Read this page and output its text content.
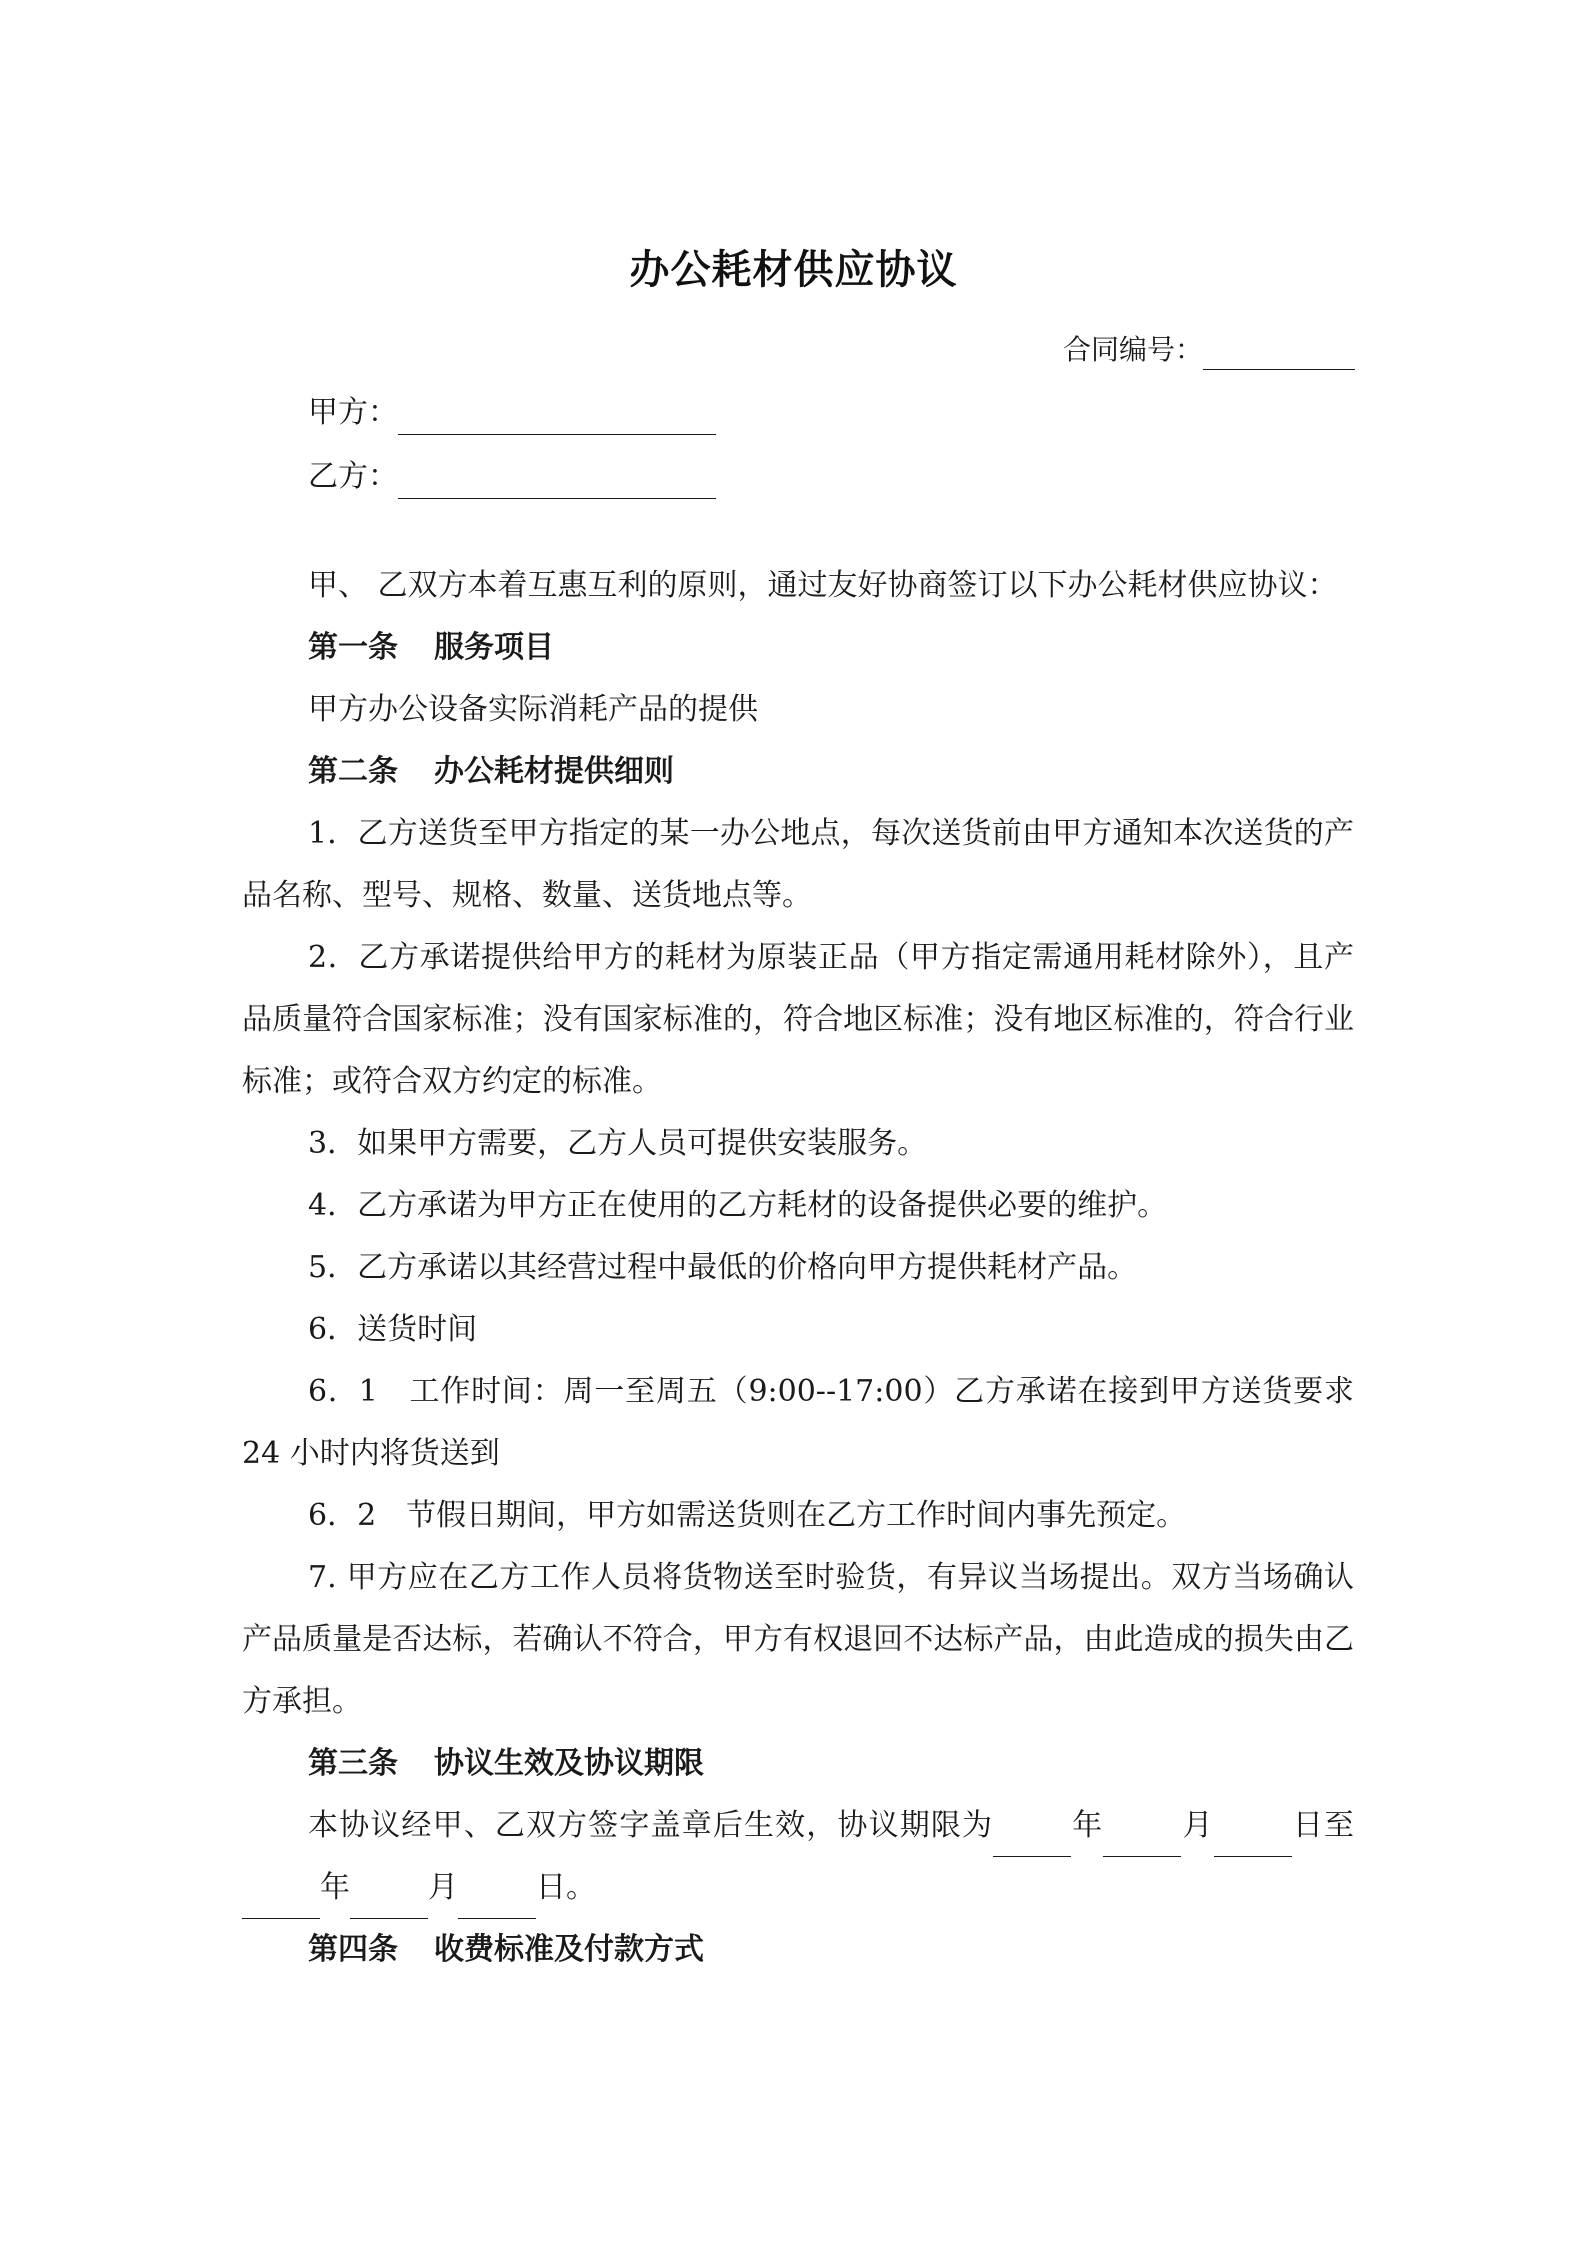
办公耗材供应协议
合同编号：
甲方：
乙方：

甲、 乙双方本着互惠互利的原则，通过友好协商签订以下办公耗材供应协议：

第一条 服务项目

甲方办公设备实际消耗产品的提供

第二条 办公耗材提供细则

1．乙方送货至甲方指定的某一办公地点，每次送货前由甲方通知本次送货的产品名称、型号、规格、数量、送货地点等。

2．乙方承诺提供给甲方的耗材为原装正品（甲方指定需通用耗材除外），且产品质量符合国家标准；没有国家标准的，符合地区标准；没有地区标准的，符合行业标准；或符合双方约定的标准。

3．如果甲方需要，乙方人员可提供安装服务。

4．乙方承诺为甲方正在使用的乙方耗材的设备提供必要的维护。

5．乙方承诺以其经营过程中最低的价格向甲方提供耗材产品。

6．送货时间

6．1　工作时间：周一至周五（9:00--17:00）乙方承诺在接到甲方送货要求 24 小时内将货送到

6．2　节假日期间，甲方如需送货则在乙方工作时间内事先预定。

7. 甲方应在乙方工作人员将货物送至时验货，有异议当场提出。双方当场确认产品质量是否达标，若确认不符合，甲方有权退回不达标产品，由此造成的损失由乙方承担。

第三条 协议生效及协议期限

本协议经甲、乙双方签字盖章后生效，协议期限为	年	月	日至年	月	日。

第四条 收费标准及付款方式
